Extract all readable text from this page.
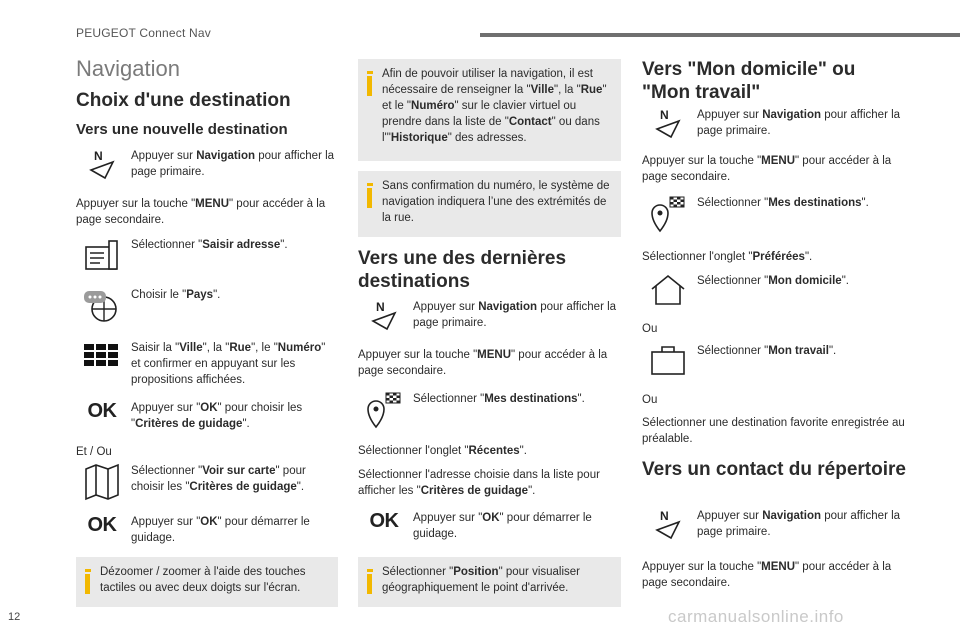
PEUGEOT Connect Nav
Navigation
Choix d'une destination
Vers une nouvelle destination
N Appuyer sur Navigation pour afficher la page primaire.
Appuyer sur la touche "MENU" pour accéder à la page secondaire.
Sélectionner "Saisir adresse".
Choisir le "Pays".
Saisir la "Ville", la "Rue", le "Numéro" et confirmer en appuyant sur les propositions affichées.
OK Appuyer sur "OK" pour choisir les "Critères de guidage".
Et / Ou
Sélectionner "Voir sur carte" pour choisir les "Critères de guidage".
OK Appuyer sur "OK" pour démarrer le guidage.
Dézoomer / zoomer à l'aide des touches tactiles ou avec deux doigts sur l'écran.
Afin de pouvoir utiliser la navigation, il est nécessaire de renseigner la "Ville", la "Rue" et le "Numéro" sur le clavier virtuel ou prendre dans la liste de "Contact" ou dans l'"Historique" des adresses.
Sans confirmation du numéro, le système de navigation indiquera l’une des extrémités de la rue.
Vers une des dernières destinations
N Appuyer sur Navigation pour afficher la page primaire.
Appuyer sur la touche "MENU" pour accéder à la page secondaire.
Sélectionner "Mes destinations".
Sélectionner l'onglet "Récentes".
Sélectionner l'adresse choisie dans la liste pour afficher les "Critères de guidage".
OK Appuyer sur "OK" pour démarrer le guidage.
Sélectionner "Position" pour visualiser géographiquement le point d'arrivée.
Vers "Mon domicile" ou "Mon travail"
N Appuyer sur Navigation pour afficher la page primaire.
Appuyer sur la touche "MENU" pour accéder à la page secondaire.
Sélectionner "Mes destinations".
Sélectionner l'onglet "Préférées".
Sélectionner "Mon domicile".
Ou
Sélectionner "Mon travail".
Ou
Sélectionner une destination favorite enregistrée au préalable.
Vers un contact du répertoire
N Appuyer sur Navigation pour afficher la page primaire.
Appuyer sur la touche "MENU" pour accéder à la page secondaire.
12	carmanualsonline.info
